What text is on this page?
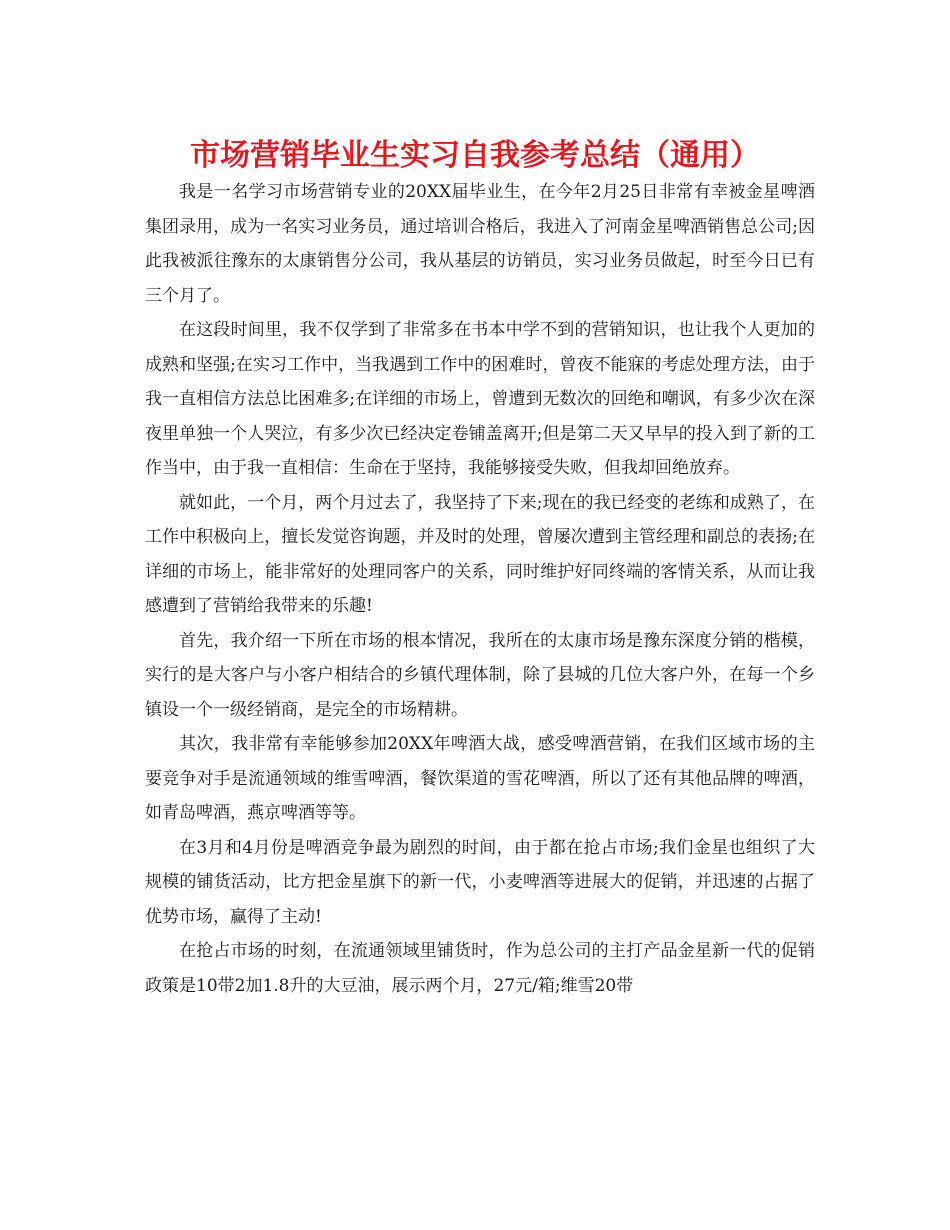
市场营销毕业生实习自我参考总结（通用）

我是一名学习市场营销专业的20XX届毕业生，在今年2月25日非常有幸被金星啤酒集团录用，成为一名实习业务员，通过培训合格后，我进入了河南金星啤酒销售总公司;因此我被派往豫东的太康销售分公司，我从基层的访销员，实习业务员做起，时至今日已有三个月了。

在这段时间里，我不仅学到了非常多在书本中学不到的营销知识，也让我个人更加的成熟和坚强;在实习工作中，当我遇到工作中的困难时，曾夜不能寐的考虑处理方法，由于我一直相信方法总比困难多;在详细的市场上，曾遭到无数次的回绝和嘲讽，有多少次在深夜里单独一个人哭泣，有多少次已经决定卷铺盖离开;但是第二天又早早的投入到了新的工作当中，由于我一直相信：生命在于坚持，我能够接受失败，但我却回绝放弃。

就如此，一个月，两个月过去了，我坚持了下来;现在的我已经变的老练和成熟了，在工作中积极向上，擅长发觉咨询题，并及时的处理，曾屡次遭到主管经理和副总的表扬;在详细的市场上，能非常好的处理同客户的关系，同时维护好同终端的客情关系，从而让我感遭到了营销给我带来的乐趣!

首先，我介绍一下所在市场的根本情况，我所在的太康市场是豫东深度分销的楷模，实行的是大客户与小客户相结合的乡镇代理体制，除了县城的几位大客户外，在每一个乡镇设一个一级经销商，是完全的市场精耕。

其次，我非常有幸能够参加20XX年啤酒大战，感受啤酒营销，在我们区域市场的主要竞争对手是流通领域的维雪啤酒，餐饮渠道的雪花啤酒，所以了还有其他品牌的啤酒，如青岛啤酒，燕京啤酒等等。

在3月和4月份是啤酒竞争最为剧烈的时间，由于都在抢占市场;我们金星也组织了大规模的铺货活动，比方把金星旗下的新一代，小麦啤酒等进展大的促销，并迅速的占据了优势市场，赢得了主动!

在抢占市场的时刻，在流通领域里铺货时，作为总公司的主打产品金星新一代的促销政策是10带2加1.8升的大豆油，展示两个月，27元/箱;维雪20带
